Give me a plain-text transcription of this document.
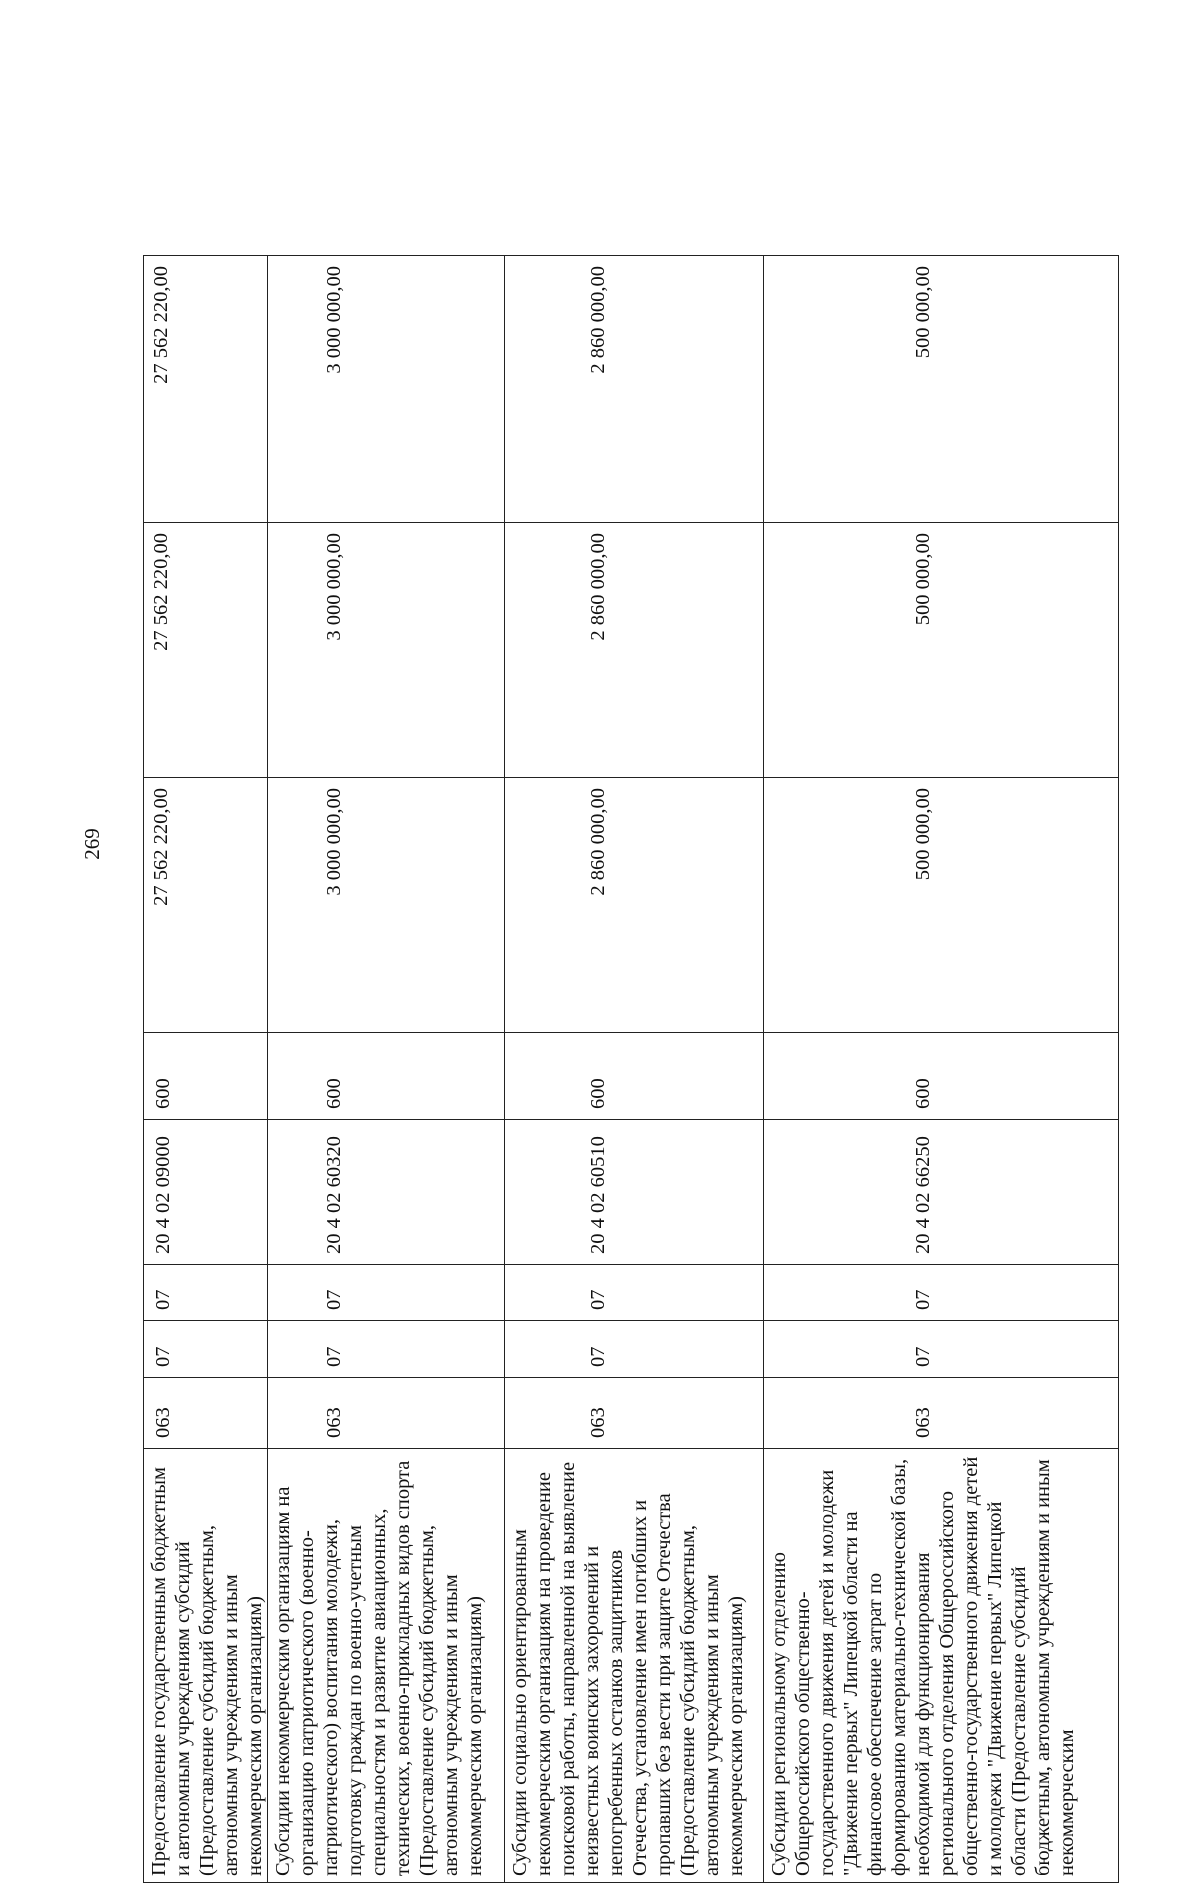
269
Предоставление государственным бюджетным и автономным учреждениям субсидий (Предоставление субсидий бюджетным, автономным учреждениям и иным некоммерческим организациям)	063	07	07	20 4 02 09000	600	27 562 220,00	27 562 220,00	27 562 220,00
Субсидии некоммерческим организациям на организацию патриотического (военно-патриотического) воспитания молодежи, подготовку граждан по военно-учетным специальностям и развитие авиационных, технических, военно-прикладных видов спорта (Предоставление субсидий бюджетным, автономным учреждениям и иным некоммерческим организациям)	063	07	07	20 4 02 60320	600	3 000 000,00	3 000 000,00	3 000 000,00
Субсидии социально ориентированным некоммерческим организациям на проведение поисковой работы, направленной на выявление неизвестных воинских захоронений и непогребенных останков защитников Отечества, установление имен погибших и пропавших без вести при защите Отечества (Предоставление субсидий бюджетным, автономным учреждениям и иным некоммерческим организациям)	063	07	07	20 4 02 60510	600	2 860 000,00	2 860 000,00	2 860 000,00
Субсидии региональному отделению Общероссийского общественно-государственного движения детей и молодежи "Движение первых" Липецкой области на финансовое обеспечение затрат по формированию материально-технической базы, необходимой для функционирования регионального отделения Общероссийского общественно-государственного движения детей и молодежи "Движение первых" Липецкой области (Предоставление субсидий бюджетным, автономным учреждениям и иным некоммерческим	063	07	07	20 4 02 66250	600	500 000,00	500 000,00	500 000,00
